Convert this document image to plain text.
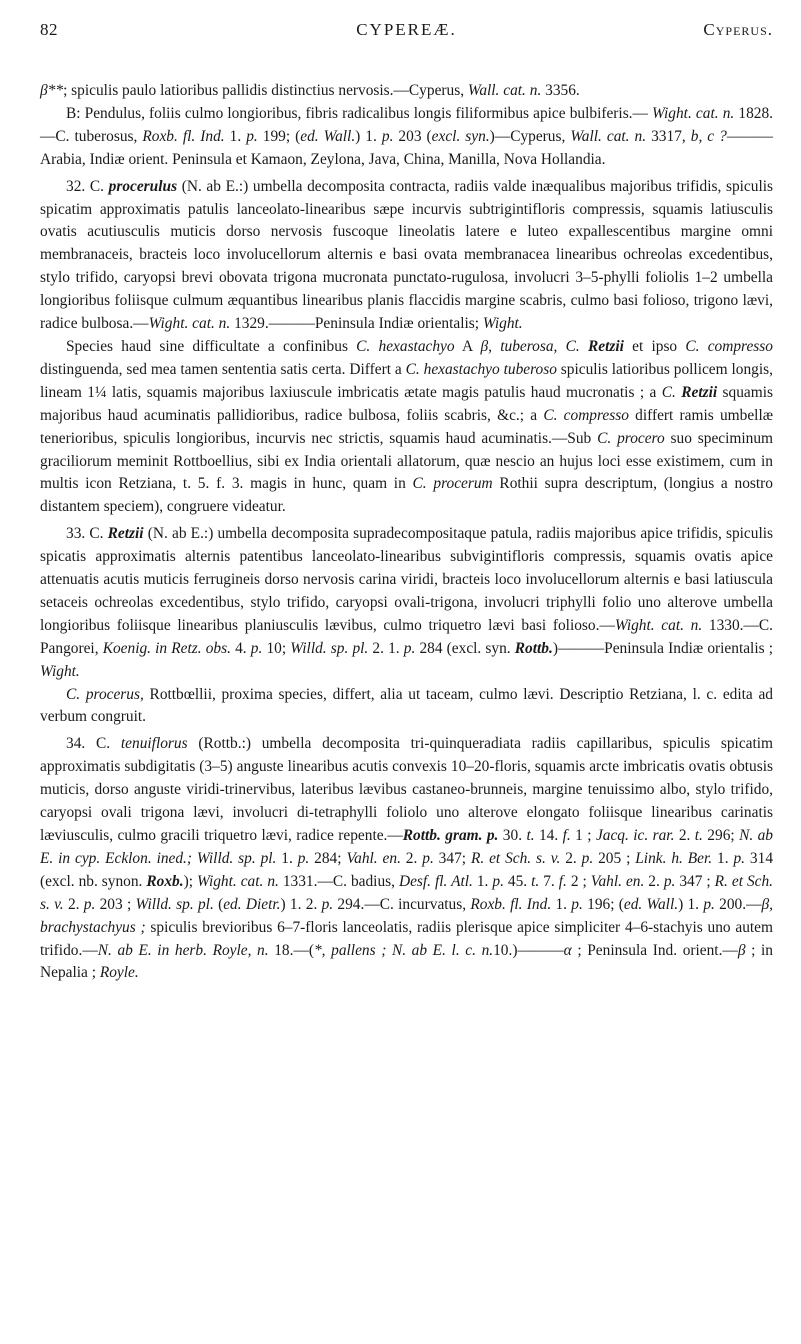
82	CYPEREÆ.	Cyperus.

β**; spiculis paulo latioribus pallidis distinctius nervosis.—Cyperus, Wall. cat. n. 3356.

B: Pendulus, foliis culmo longioribus, fibris radicalibus longis filiformibus apice bulbiferis.— Wight. cat. n. 1828.—C. tuberosus, Roxb. fl. Ind. 1. p. 199; (ed. Wall.) 1. p. 203 (excl. syn.)—Cyperus, Wall. cat. n. 3317, b, c ?———Arabia, Indiæ orient. Peninsula et Kamaon, Zeylona, Java, China, Manilla, Nova Hollandia.

32. C. procerulus (N. ab E.:) umbella decomposita contracta, radiis valde inæqualibus majoribus trifidis, spiculis spicatim approximatis patulis lanceolato-linearibus sæpe incurvis subtrigintifloris compressis, squamis latiusculis ovatis acutiusculis muticis dorso nervosis fuscoque lineolatis latere e luteo expallescentibus margine omni membranaceis, bracteis loco involucellorum alternis e basi ovata membranacea linearibus ochreolas excedentibus, stylo trifido, caryopsi brevi obovata trigona mucronata punctato-rugulosa, involucri 3–5-phylli foliolis 1–2 umbella longioribus foliisque culmum æquantibus linearibus planis flaccidis margine scabris, culmo basi folioso, trigono lævi, radice bulbosa.—Wight. cat. n. 1329.———Peninsula Indiæ orientalis; Wight.

Species haud sine difficultate a confinibus C. hexastachyo A β, tuberosa, C. Retzii et ipso C. compresso distinguenda, sed mea tamen sententia satis certa. Differt a C. hexastachyo tuberoso spiculis latioribus pollicem longis, lineam 1¼ latis, squamis majoribus laxiuscule imbricatis ætate magis patulis haud mucronatis ; a C. Retzii squamis majoribus haud acuminatis pallidioribus, radice bulbosa, foliis scabris, &c.; a C. compresso differt ramis umbellæ tenerioribus, spiculis longioribus, incurvis nec strictis, squamis haud acuminatis.—Sub C. procero suo speciminum graciliorum meminit Rottboellius, sibi ex India orientali allatorum, quæ nescio an hujus loci esse existimem, cum in multis icon Retziana, t. 5. f. 3. magis in hunc, quam in C. procerum Rothii supra descriptum, (longius a nostro distantem speciem), congruere videatur.

33. C. Retzii (N. ab E.:) umbella decomposita supradecompositaque patula, radiis majoribus apice trifidis, spiculis spicatis approximatis alternis patentibus lanceolato-linearibus subvigintifloris compressis, squamis ovatis apice attenuatis acutis muticis ferrugineis dorso nervosis carina viridi, bracteis loco involucellorum alternis e basi latiuscula setaceis ochreolas excedentibus, stylo trifido, caryopsi ovali-trigona, involucri triphylli folio uno alterove umbella longioribus foliisque linearibus planiusculis lævibus, culmo triquetro lævi basi folioso.—Wight. cat. n. 1330.—C. Pangorei, Koenig. in Retz. obs. 4. p. 10; Willd. sp. pl. 2. 1. p. 284 (excl. syn. Rottb.)———Peninsula Indiæ orientalis ; Wight.

C. procerus, Rottbœllii, proxima species, differt, alia ut taceam, culmo lævi. Descriptio Retziana, l. c. edita ad verbum congruit.

34. C. tenuiflorus (Rottb.:) umbella decomposita tri-quinqueradiata radiis capillaribus, spiculis spicatim approximatis subdigitatis (3–5) anguste linearibus acutis convexis 10–20-floris, squamis arcte imbricatis ovatis obtusis muticis, dorso anguste viridi-trinervibus, lateribus lævibus castaneo-brunneis, margine tenuissimo albo, stylo trifido, caryopsi ovali trigona lævi, involucri di-tetraphylli foliolo uno alterove elongato foliisque linearibus carinatis læviusculis, culmo gracili triquetro lævi, radice repente.—Rottb. gram. p. 30. t. 14. f. 1 ; Jacq. ic. rar. 2. t. 296; N. ab E. in cyp. Ecklon. ined.; Willd. sp. pl. 1. p. 284; Vahl. en. 2. p. 347; R. et Sch. s. v. 2. p. 205 ; Link. h. Ber. 1. p. 314 (excl. nb. synon. Roxb.); Wight. cat. n. 1331.—C. badius, Desf. fl. Atl. 1. p. 45. t. 7. f. 2 ; Vahl. en. 2. p. 347 ; R. et Sch. s. v. 2. p. 203 ; Willd. sp. pl. (ed. Dietr.) 1. 2. p. 294.—C. incurvatus, Roxb. fl. Ind. 1. p. 196; (ed. Wall.) 1. p. 200.—β, brachystachyus ; spiculis brevioribus 6–7-floris lanceolatis, radiis plerisque apice simpliciter 4–6-stachyis uno autem trifido.—N. ab E. in herb. Royle, n. 18.—(*, pallens ; N. ab E. l. c. n.10.)———α ; Peninsula Ind. orient.—β ; in Nepalia ; Royle.
